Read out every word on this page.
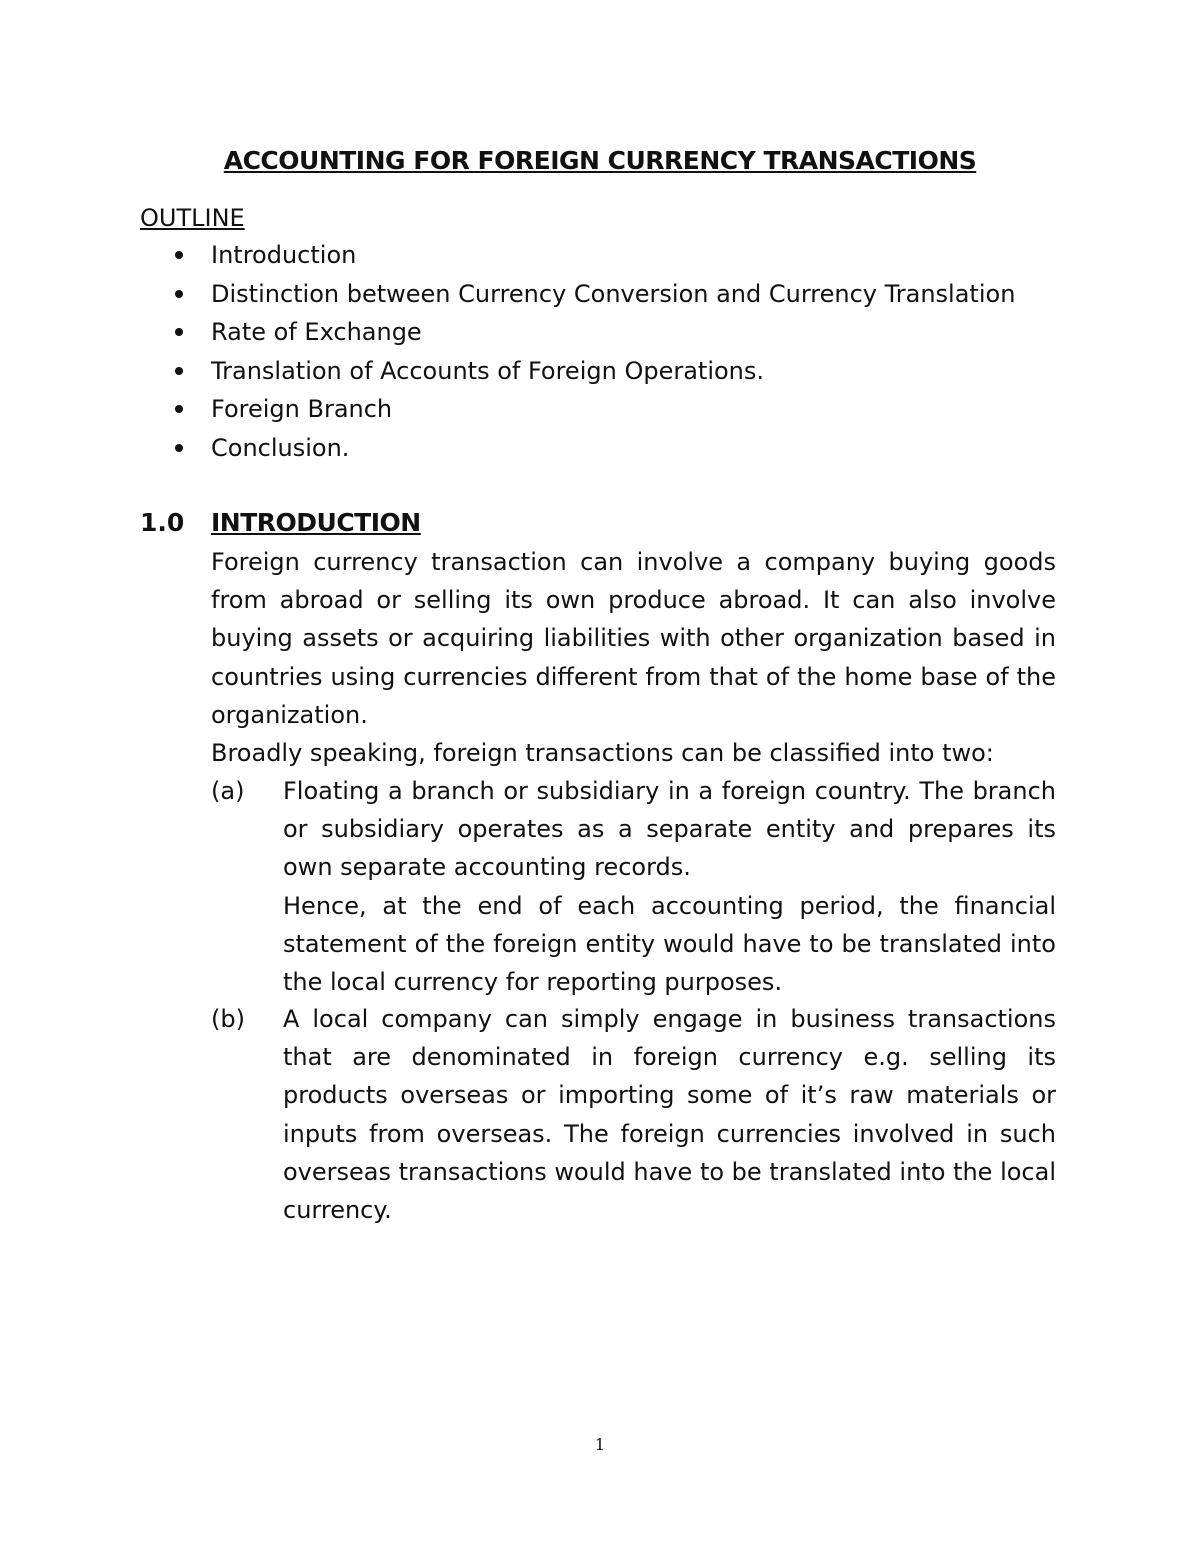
ACCOUNTING FOR FOREIGN CURRENCY TRANSACTIONS

OUTLINE

Introduction
Distinction between Currency Conversion and Currency Translation
Rate of Exchange
Translation of Accounts of Foreign Operations.
Foreign Branch
Conclusion.
1.0 INTRODUCTION

Foreign currency transaction can involve a company buying goods from abroad or selling its own produce abroad. It can also involve buying assets or acquiring liabilities with other organization based in countries using currencies different from that of the home base of the organization.

Broadly speaking, foreign transactions can be classified into two:

(a) Floating a branch or subsidiary in a foreign country. The branch or subsidiary operates as a separate entity and prepares its own separate accounting records.

Hence, at the end of each accounting period, the financial statement of the foreign entity would have to be translated into the local currency for reporting purposes.

(b) A local company can simply engage in business transactions that are denominated in foreign currency e.g. selling its products overseas or importing some of it’s raw materials or inputs from overseas. The foreign currencies involved in such overseas transactions would have to be translated into the local currency.

1
